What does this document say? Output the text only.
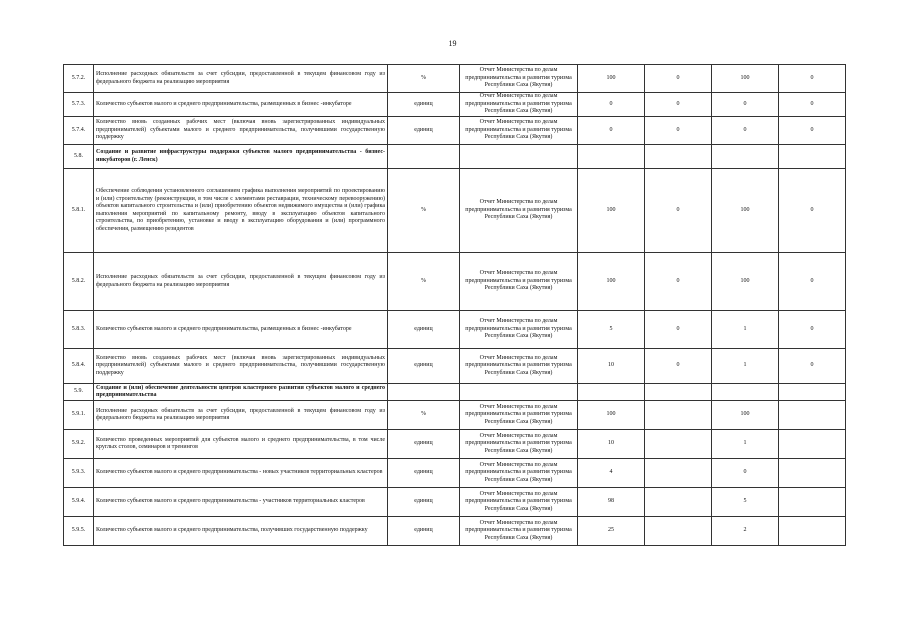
19
5.7.2.	Исполнение расходных обязательств за счет субсидии, предоставленной в текущем финансовом году из федерального бюджета на реализацию мероприятия	%	Отчет Министерства по делам предпринимательства и развития туризма Республики Саха (Якутия)	100	0	100	0
5.7.3.	Количество субъектов малого и среднего предпринимательства, размещенных в бизнес -инкубаторе	единиц	Отчет Министерства по делам предпринимательства и развития туризма Республики Саха (Якутия)	0	0	0	0
5.7.4.	Количество вновь созданных рабочих мест (включая вновь зарегистрированных индивидуальных предпринимателей) субъектами малого и среднего предпринимательства, получившими государственную поддержку	единиц	Отчет Министерства по делам предпринимательства и развития туризма Республики Саха (Якутия)	0	0	0	0
5.8.	Создание и развитие инфраструктуры поддержки субъектов малого предпринимательства - бизнес-инкубаторов (г. Ленск)						
5.8.1.	Обеспечение соблюдения установленного соглашением графика выполнения мероприятий по проектированию и (или) строительству (реконструкции, в том числе с элементами реставрации, техническому перевооружению) объектов капитального строительства и (или) приобретению объектов недвижимого имущества и (или) графика выполнения мероприятий по капитальному ремонту, вводу в эксплуатацию объектов капитального строительства, по приобретению, установке и вводу в эксплуатацию оборудования и (или) программного обеспечения, размещению резидентов	%	Отчет Министерства по делам предпринимательства и развития туризма Республики Саха (Якутия)	100	0	100	0
5.8.2.	Исполнение расходных обязательств за счет субсидии, предоставленной в текущем финансовом году из федерального бюджета на реализацию мероприятия	%	Отчет Министерства по делам предпринимательства и развития туризма Республики Саха (Якутия)	100	0	100	0
5.8.3.	Количество субъектов малого и среднего предпринимательства, размещенных в бизнес -инкубаторе	единиц	Отчет Министерства по делам предпринимательства и развития туризма Республики Саха (Якутия)	5	0	1	0
5.8.4.	Количество вновь созданных рабочих мест (включая вновь зарегистрированных индивидуальных предпринимателей) субъектами малого и среднего предпринимательства, получившими государственную поддержку	единиц	Отчет Министерства по делам предпринимательства и развития туризма Республики Саха (Якутия)	10	0	1	0
5.9.	Создание и (или) обеспечение деятельности центров кластерного развития субъектов малого и среднего предпринимательства						
5.9.1.	Исполнение расходных обязательств за счет субсидии, предоставленной в текущем финансовом году из федерального бюджета на реализацию мероприятия	%	Отчет Министерства по делам предпринимательства и развития туризма Республики Саха (Якутия)	100		100	
5.9.2.	Количество проведенных мероприятий для субъектов малого и среднего предпринимательства, в том числе круглых столов, семинаров и тренингов	единиц	Отчет Министерства по делам предпринимательства и развития туризма Республики Саха (Якутия)	10		1	
5.9.3.	Количество субъектов малого и среднего предпринимательства - новых участников территориальных кластеров	единиц	Отчет Министерства по делам предпринимательства и развития туризма Республики Саха (Якутия)	4		0	
5.9.4.	Количество субъектов малого и среднего предпринимательства - участников территориальных кластеров	единиц	Отчет Министерства по делам предпринимательства и развития туризма Республики Саха (Якутия)	98		5	
5.9.5.	Количество субъектов малого и среднего предпринимательства, получивших государственную поддержку	единиц	Отчет Министерства по делам предпринимательства и развития туризма Республики Саха (Якутия)	25		2	
